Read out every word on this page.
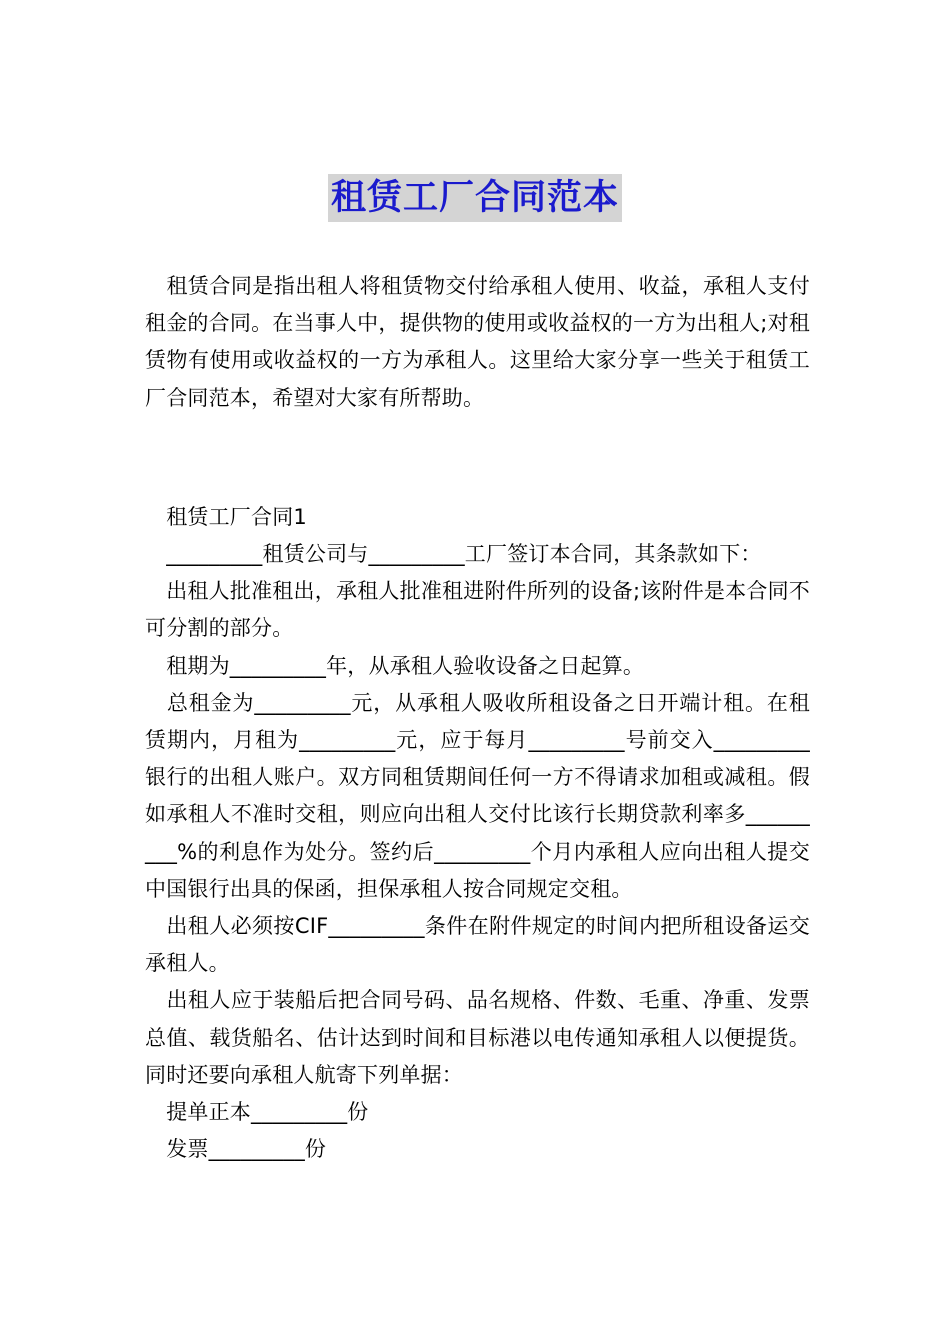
租赁工厂合同范本
　租赁合同是指出租人将租赁物交付给承租人使用、收益，承租人支付租金的合同。在当事人中，提供物的使用或收益权的一方为出租人;对租赁物有使用或收益权的一方为承租人。这里给大家分享一些关于租赁工厂合同范本，希望对大家有所帮助。
　租赁工厂合同1
　_________租赁公司与_________工厂签订本合同，其条款如下：
　出租人批准租出，承租人批准租进附件所列的设备;该附件是本合同不可分割的部分。
　租期为_________年，从承租人验收设备之日起算。
　总租金为_________元，从承租人吸收所租设备之日开端计租。在租赁期内，月租为_________元，应于每月_________号前交入_________银行的出租人账户。双方同租赁期间任何一方不得请求加租或减租。假如承租人不准时交租，则应向出租人交付比该行长期贷款利率多_________%的利息作为处分。签约后_________个月内承租人应向出租人提交中国银行出具的保函，担保承租人按合同规定交租。
　出租人必须按CIF_________条件在附件规定的时间内把所租设备运交承租人。
　出租人应于装船后把合同号码、品名规格、件数、毛重、净重、发票总值、载货船名、估计达到时间和目标港以电传通知承租人以便提货。同时还要向承租人航寄下列单据：
　提单正本_________份
　发票_________份
